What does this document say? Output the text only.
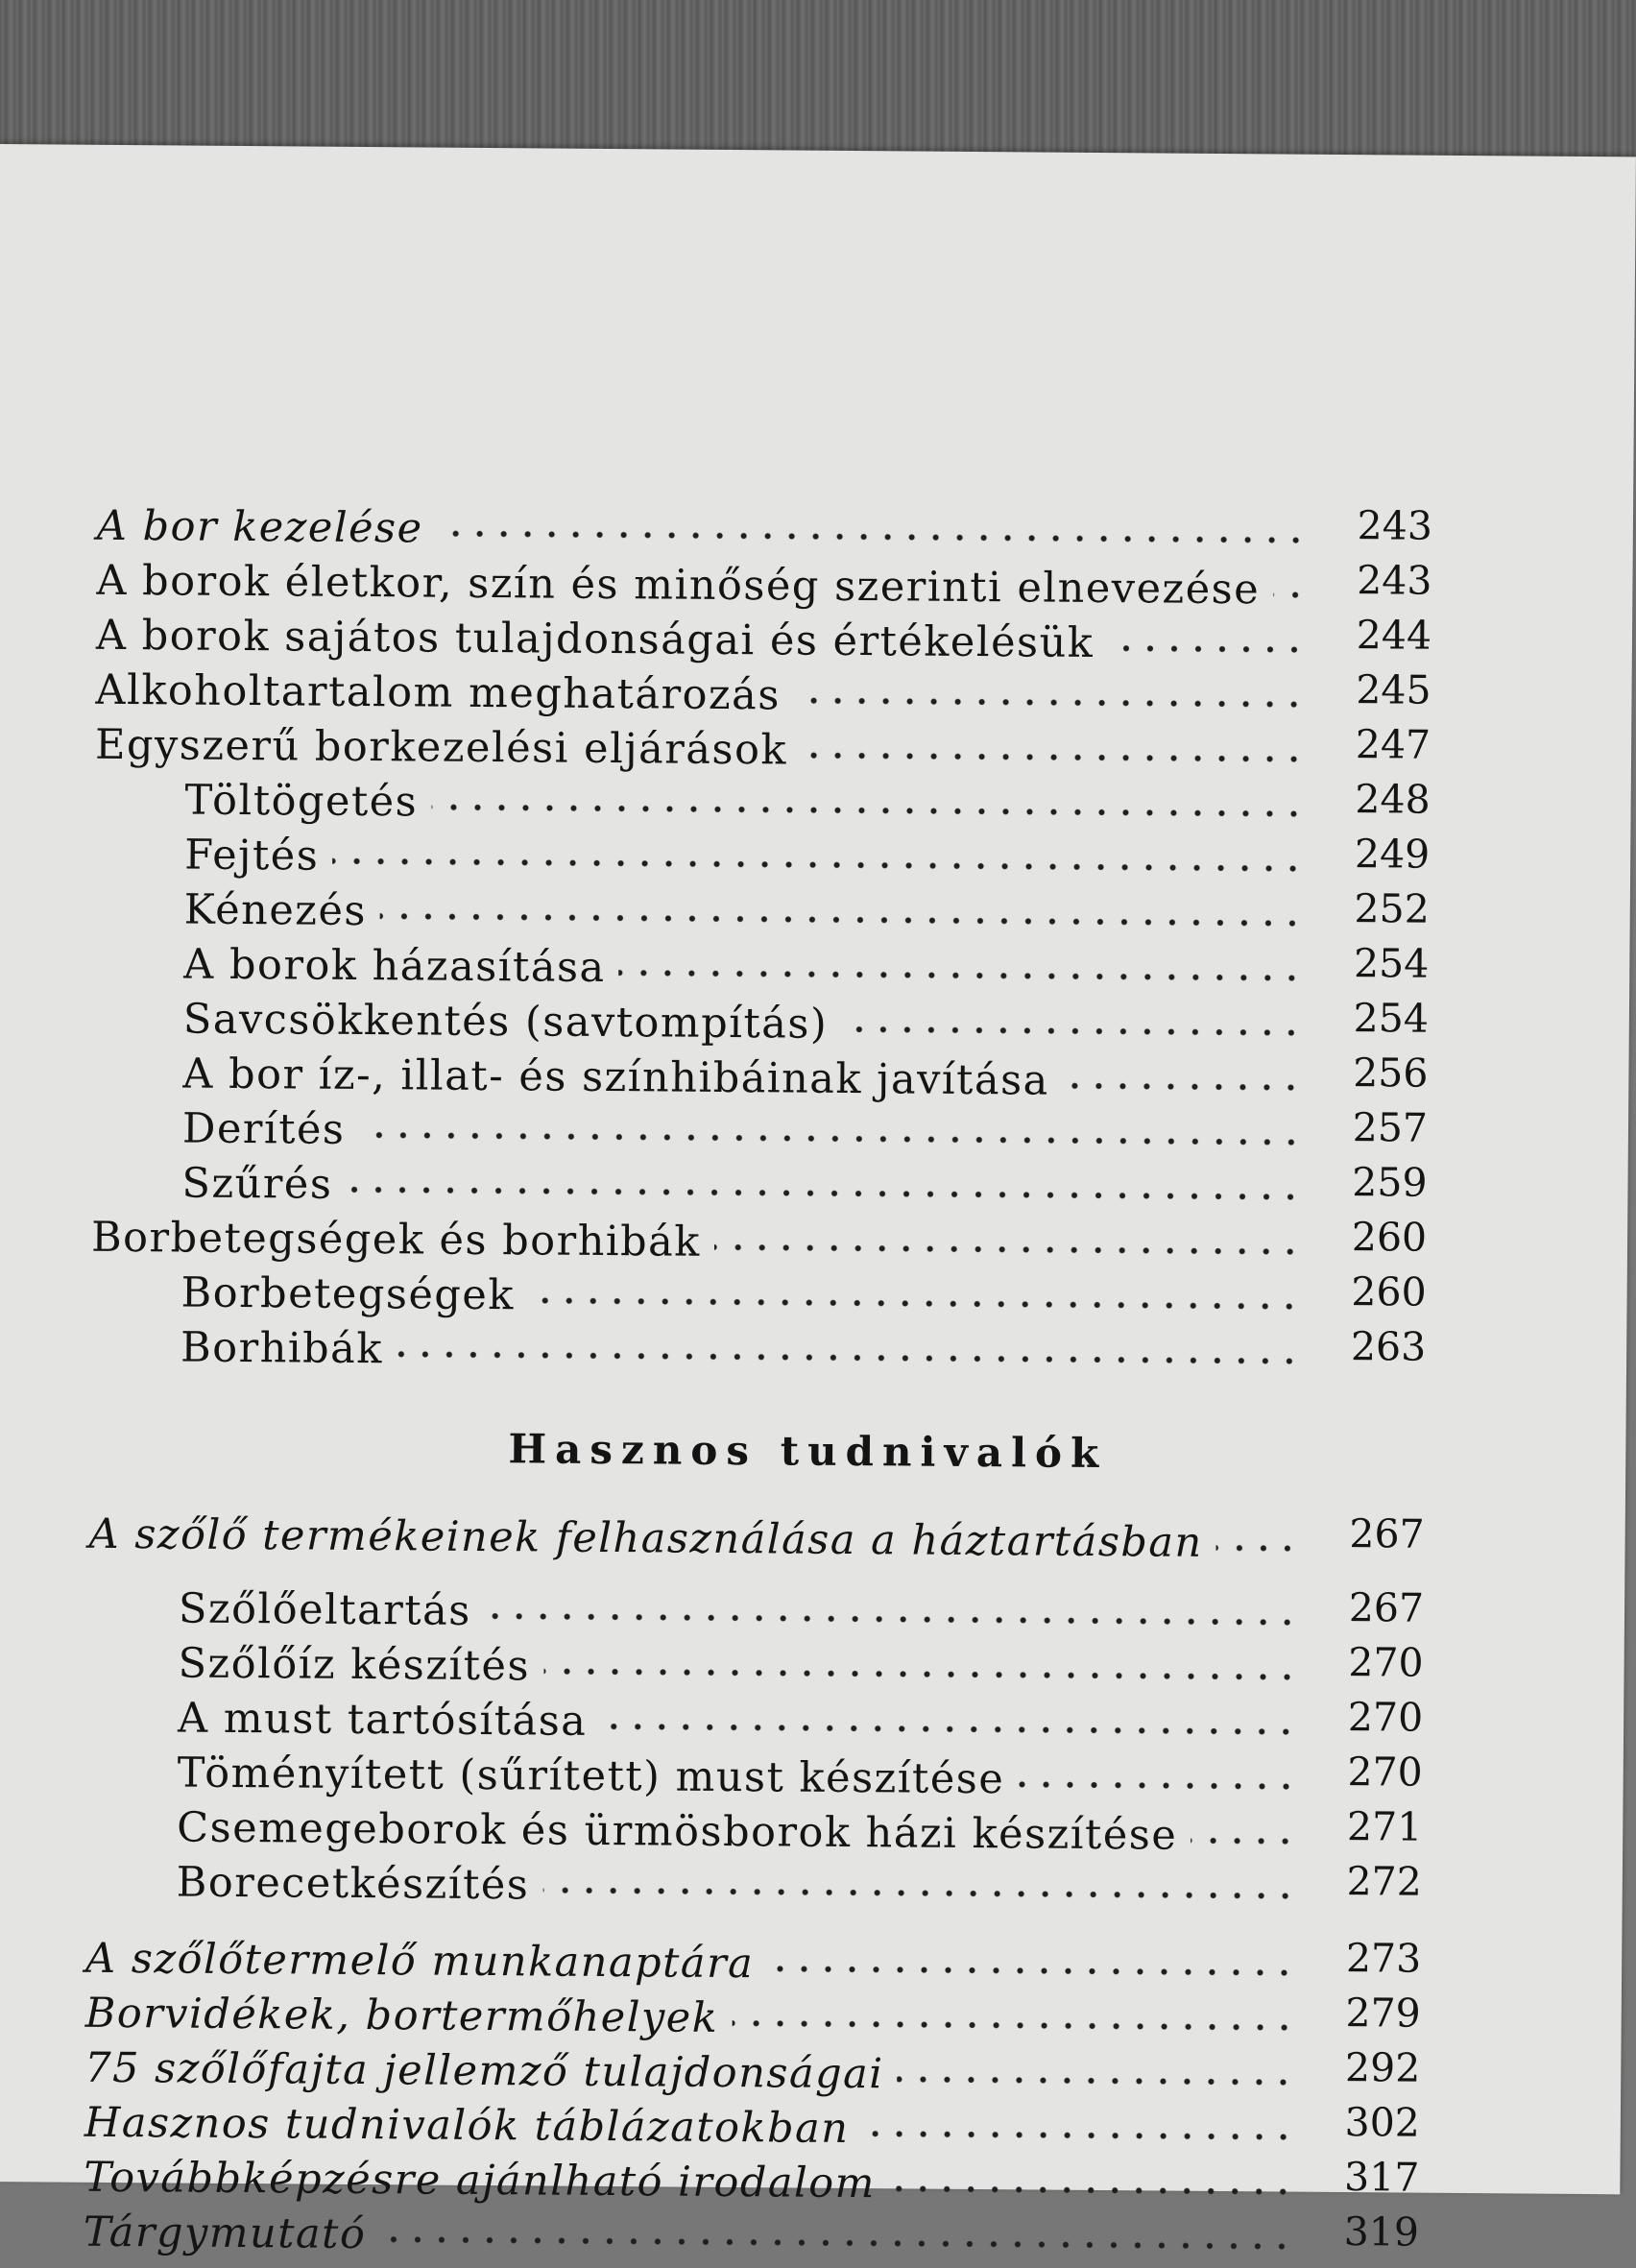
A bor kezelése	243
A borok életkor, szín és minőség szerinti elnevezése	243
A borok sajátos tulajdonságai és értékelésük	244
Alkoholtartalom meghatározás	245
Egyszerű borkezelési eljárások	247
Töltögetés	248
Fejtés	249
Kénezés	252
A borok házasítása	254
Savcsökkentés (savtompítás)	254
A bor íz-, illat- és színhibáinak javítása	256
Derítés	257
Szűrés	259
Borbetegségek és borhibák	260
Borbetegségek	260
Borhibák	263
Hasznos tudnivalók
A szőlő termékeinek felhasználása a háztartásban	267
Szőlőeltartás	267
Szőlőíz készítés	270
A must tartósítása	270
Töményített (sűrített) must készítése	270
Csemegeborok és ürmösborok házi készítése	271
Borecetkészítés	272
A szőlőtermelő munkanaptára	273
Borvidékek, bortermőhelyek	279
75 szőlőfajta jellemző tulajdonságai	292
Hasznos tudnivalók táblázatokban	302
Továbbképzésre ajánlható irodalom	317
Tárgymutató	319
